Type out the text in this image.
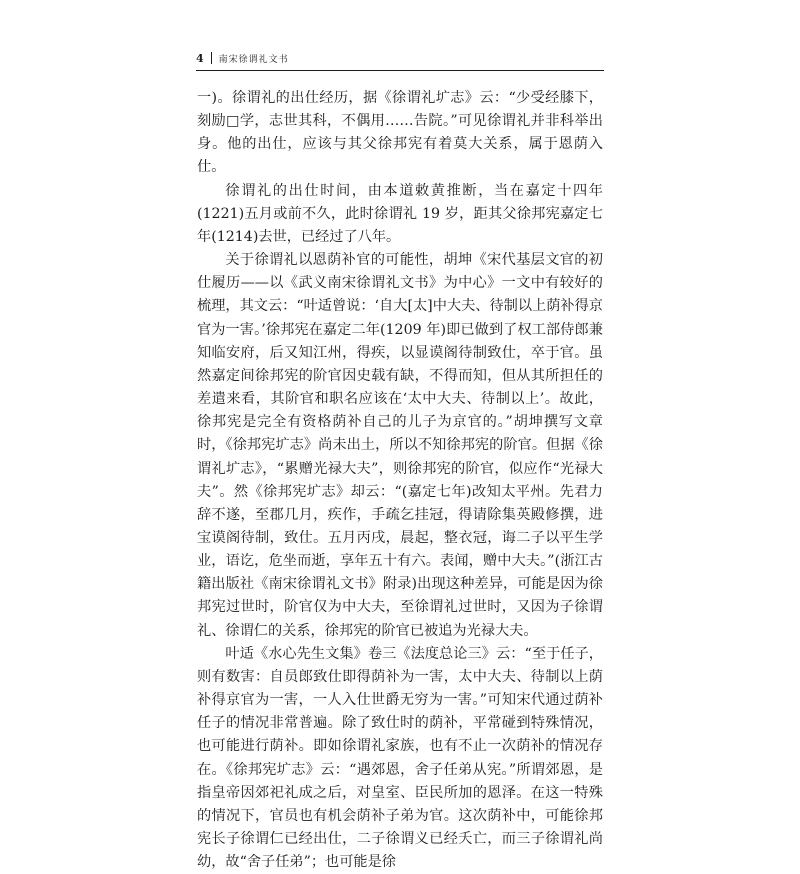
4 南宋徐谓礼文书

一)。徐谓礼的出仕经历，据《徐谓礼圹志》云：“少受经膝下，刻励□学，志世其科，不偶用……告院。”可见徐谓礼并非科举出身。他的出仕，应该与其父徐邦宪有着莫大关系，属于恩荫入仕。

徐谓礼的出仕时间，由本道敕黄推断，当在嘉定十四年(1221)五月或前不久，此时徐谓礼 19 岁，距其父徐邦宪嘉定七年(1214)去世，已经过了八年。

关于徐谓礼以恩荫补官的可能性，胡坤《宋代基层文官的初仕履历——以《武义南宋徐谓礼文书》为中心》一文中有较好的梳理，其文云：“叶适曾说：‘自大[太]中大夫、待制以上荫补得京官为一害。’徐邦宪在嘉定二年(1209 年)即已做到了权工部侍郎兼知临安府，后又知江州，得疾，以显谟阁待制致仕，卒于官。虽然嘉定间徐邦宪的阶官因史载有缺，不得而知，但从其所担任的差遣来看，其阶官和职名应该在‘太中大夫、待制以上’。故此，徐邦宪是完全有资格荫补自己的儿子为京官的。”胡坤撰写文章时，《徐邦宪圹志》尚未出土，所以不知徐邦宪的阶官。但据《徐谓礼圹志》，“累赠光禄大夫”，则徐邦宪的阶官，似应作“光禄大夫”。然《徐邦宪圹志》却云：“(嘉定七年)改知太平州。先君力辞不遂，至郡几月，疾作，手疏乞挂冠，得请除集英殿修撰，进宝谟阁待制，致仕。五月丙戌，晨起，整衣冠，诲二子以平生学业，语讫，危坐而逝，享年五十有六。表闻，赠中大夫。”(浙江古籍出版社《南宋徐谓礼文书》附录)出现这种差异，可能是因为徐邦宪过世时，阶官仅为中大夫，至徐谓礼过世时，又因为子徐谓礼、徐谓仁的关系，徐邦宪的阶官已被追为光禄大夫。

叶适《水心先生文集》卷三《法度总论三》云：“至于任子，则有数害：自员郎致仕即得荫补为一害，太中大夫、待制以上荫补得京官为一害，一人入仕世爵无穷为一害。”可知宋代通过荫补任子的情况非常普遍。除了致仕时的荫补，平常碰到特殊情况，也可能进行荫补。即如徐谓礼家族，也有不止一次荫补的情况存在。《徐邦宪圹志》云：“遇郊恩，舍子任弟从宪。”所谓郊恩，是指皇帝因郊祀礼成之后，对皇室、臣民所加的恩泽。在这一特殊的情况下，官员也有机会荫补子弟为官。这次荫补中，可能徐邦宪长子徐谓仁已经出仕，二子徐谓义已经夭亡，而三子徐谓礼尚幼，故“舍子任弟”；也可能是徐
